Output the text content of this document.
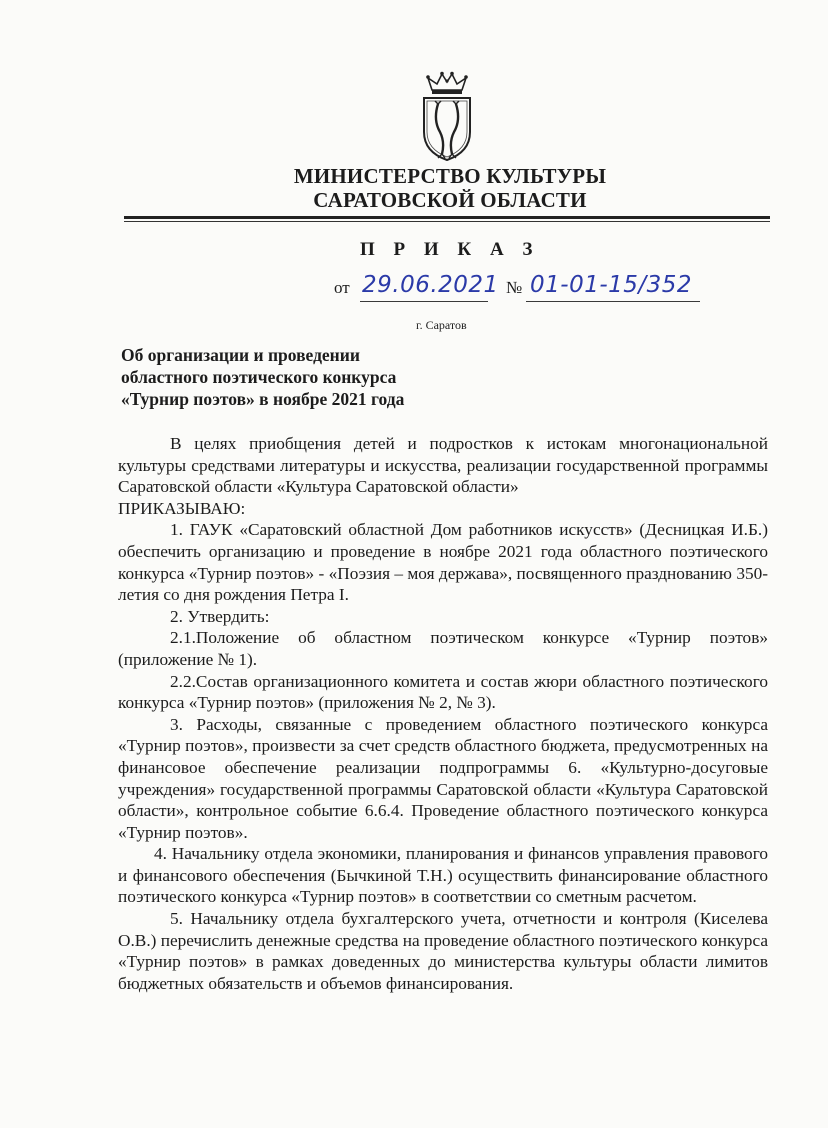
МИНИСТЕРСТВО КУЛЬТУРЫ
САРАТОВСКОЙ ОБЛАСТИ
П Р И К А З
от 29.06.2021 № 01-01-15/352
г. Саратов
Об организации и проведении
областного поэтического конкурса
«Турнир поэтов» в ноябре 2021 года

В целях приобщения детей и подростков к истокам многонациональной культуры средствами литературы и искусства, реализации государственной программы Саратовской области «Культура Саратовской области»

ПРИКАЗЫВАЮ:

1. ГАУК «Саратовский областной Дом работников искусств» (Десницкая И.Б.) обеспечить организацию и проведение в ноябре 2021 года областного поэтического конкурса «Турнир поэтов» - «Поэзия – моя держава», посвященного празднованию 350-летия со дня рождения Петра I.

2. Утвердить:

2.1.Положение об областном поэтическом конкурсе «Турнир поэтов» (приложение № 1).

2.2.Состав организационного комитета и состав жюри областного поэтического конкурса «Турнир поэтов» (приложения № 2, № 3).

3. Расходы, связанные с проведением областного поэтического конкурса «Турнир поэтов», произвести за счет средств областного бюджета, предусмотренных на финансовое обеспечение реализации подпрограммы 6. «Культурно-досуговые учреждения» государственной программы Саратовской области «Культура Саратовской области», контрольное событие 6.6.4. Проведение областного поэтического конкурса «Турнир поэтов».

4. Начальнику отдела экономики, планирования и финансов управления правового и финансового обеспечения (Бычкиной Т.Н.) осуществить финансирование областного поэтического конкурса «Турнир поэтов» в соответствии со сметным расчетом.

5. Начальнику отдела бухгалтерского учета, отчетности и контроля (Киселева О.В.) перечислить денежные средства на проведение областного поэтического конкурса «Турнир поэтов» в рамках доведенных до министерства культуры области лимитов бюджетных обязательств и объемов финансирования.
